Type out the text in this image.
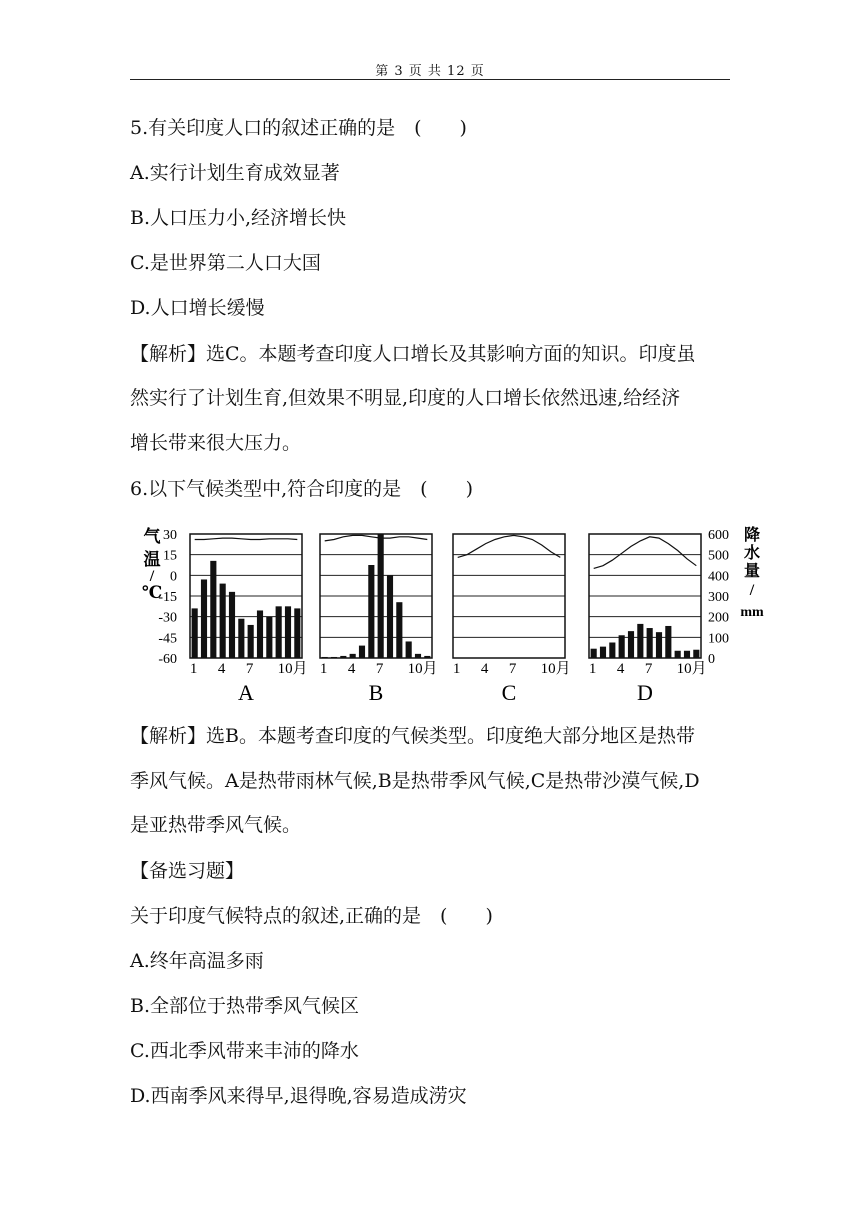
第 3 页 共 12 页
5.有关印度人口的叙述正确的是　(　　)
A.实行计划生育成效显著
B.人口压力小,经济增长快
C.是世界第二人口大国
D.人口增长缓慢
【解析】选C。本题考查印度人口增长及其影响方面的知识。印度虽
然实行了计划生育,但效果不明显,印度的人口增长依然迅速,给经济
增长带来很大压力。
6.以下气候类型中,符合印度的是　(　　)
气
温
/
℃
30
15
0
-15
-30
-45
-60
降
水
量
/
mm
600
500
400
300
200
100
0
1 4 7 10月
A
1 4 7 10月
B
1 4 7 10月
C
1 4 7 10月
D
【解析】选B。本题考查印度的气候类型。印度绝大部分地区是热带
季风气候。A是热带雨林气候,B是热带季风气候,C是热带沙漠气候,D
是亚热带季风气候。
【备选习题】
关于印度气候特点的叙述,正确的是　(　　)
A.终年高温多雨
B.全部位于热带季风气候区
C.西北季风带来丰沛的降水
D.西南季风来得早,退得晚,容易造成涝灾
